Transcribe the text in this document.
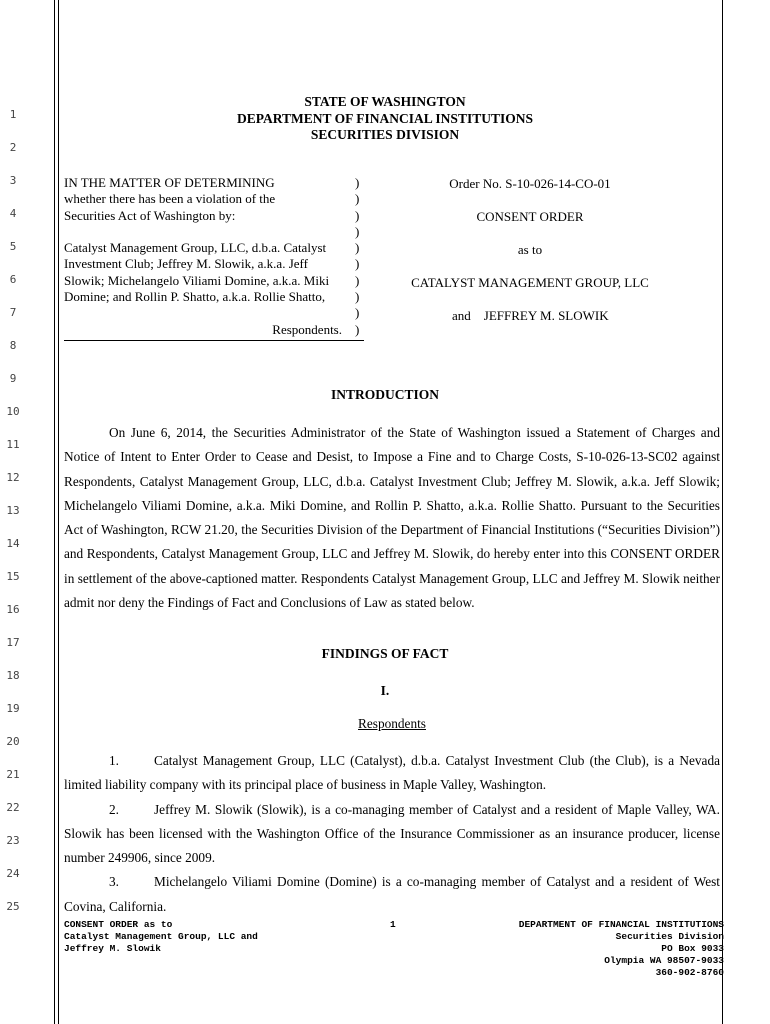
1
2
3
4
5
6
7
8
9
10
11
12
13
14
15
16
17
18
19
20
21
22
23
24
25
STATE OF WASHINGTON
DEPARTMENT OF FINANCIAL INSTITUTIONS
SECURITIES DIVISION
IN THE MATTER OF DETERMINING
whether there has been a violation of the
Securities Act of Washington by:
Catalyst Management Group, LLC, d.b.a. Catalyst
Investment Club; Jeffrey M. Slowik, a.k.a. Jeff
Slowik; Michelangelo Viliami Domine, a.k.a. Miki
Domine; and Rollin P. Shatto, a.k.a. Rollie Shatto,
Respondents.
)
)
)
)
)
)
)
)
)
)
Order No. S-10-026-14-CO-01
CONSENT ORDER
as to
CATALYST MANAGEMENT GROUP, LLC
and JEFFREY M. SLOWIK
INTRODUCTION

On June 6, 2014, the Securities Administrator of the State of Washington issued a Statement of Charges and Notice of Intent to Enter Order to Cease and Desist, to Impose a Fine and to Charge Costs, S-10-026-13-SC02 against Respondents, Catalyst Management Group, LLC, d.b.a. Catalyst Investment Club; Jeffrey M. Slowik, a.k.a. Jeff Slowik; Michelangelo Viliami Domine, a.k.a. Miki Domine, and Rollin P. Shatto, a.k.a. Rollie Shatto. Pursuant to the Securities Act of Washington, RCW 21.20, the Securities Division of the Department of Financial Institutions (“Securities Division”) and Respondents, Catalyst Management Group, LLC and Jeffrey M. Slowik, do hereby enter into this CONSENT ORDER in settlement of the above-captioned matter. Respondents Catalyst Management Group, LLC and Jeffrey M. Slowik neither admit nor deny the Findings of Fact and Conclusions of Law as stated below.

FINDINGS OF FACT
I.
Respondents

1.	Catalyst Management Group, LLC (Catalyst), d.b.a. Catalyst Investment Club (the Club), is a Nevada limited liability company with its principal place of business in Maple Valley, Washington.

2.	Jeffrey M. Slowik (Slowik), is a co-managing member of Catalyst and a resident of Maple Valley, WA. Slowik has been licensed with the Washington Office of the Insurance Commissioner as an insurance producer, license number 249906, since 2009.

3.	Michelangelo Viliami Domine (Domine) is a co-managing member of Catalyst and a resident of West Covina, California.

CONSENT ORDER as to
Catalyst Management Group, LLC and
Jeffrey M. Slowik
1	DEPARTMENT OF FINANCIAL INSTITUTIONS
Securities Division
PO Box 9033
Olympia WA 98507-9033
360-902-8760
